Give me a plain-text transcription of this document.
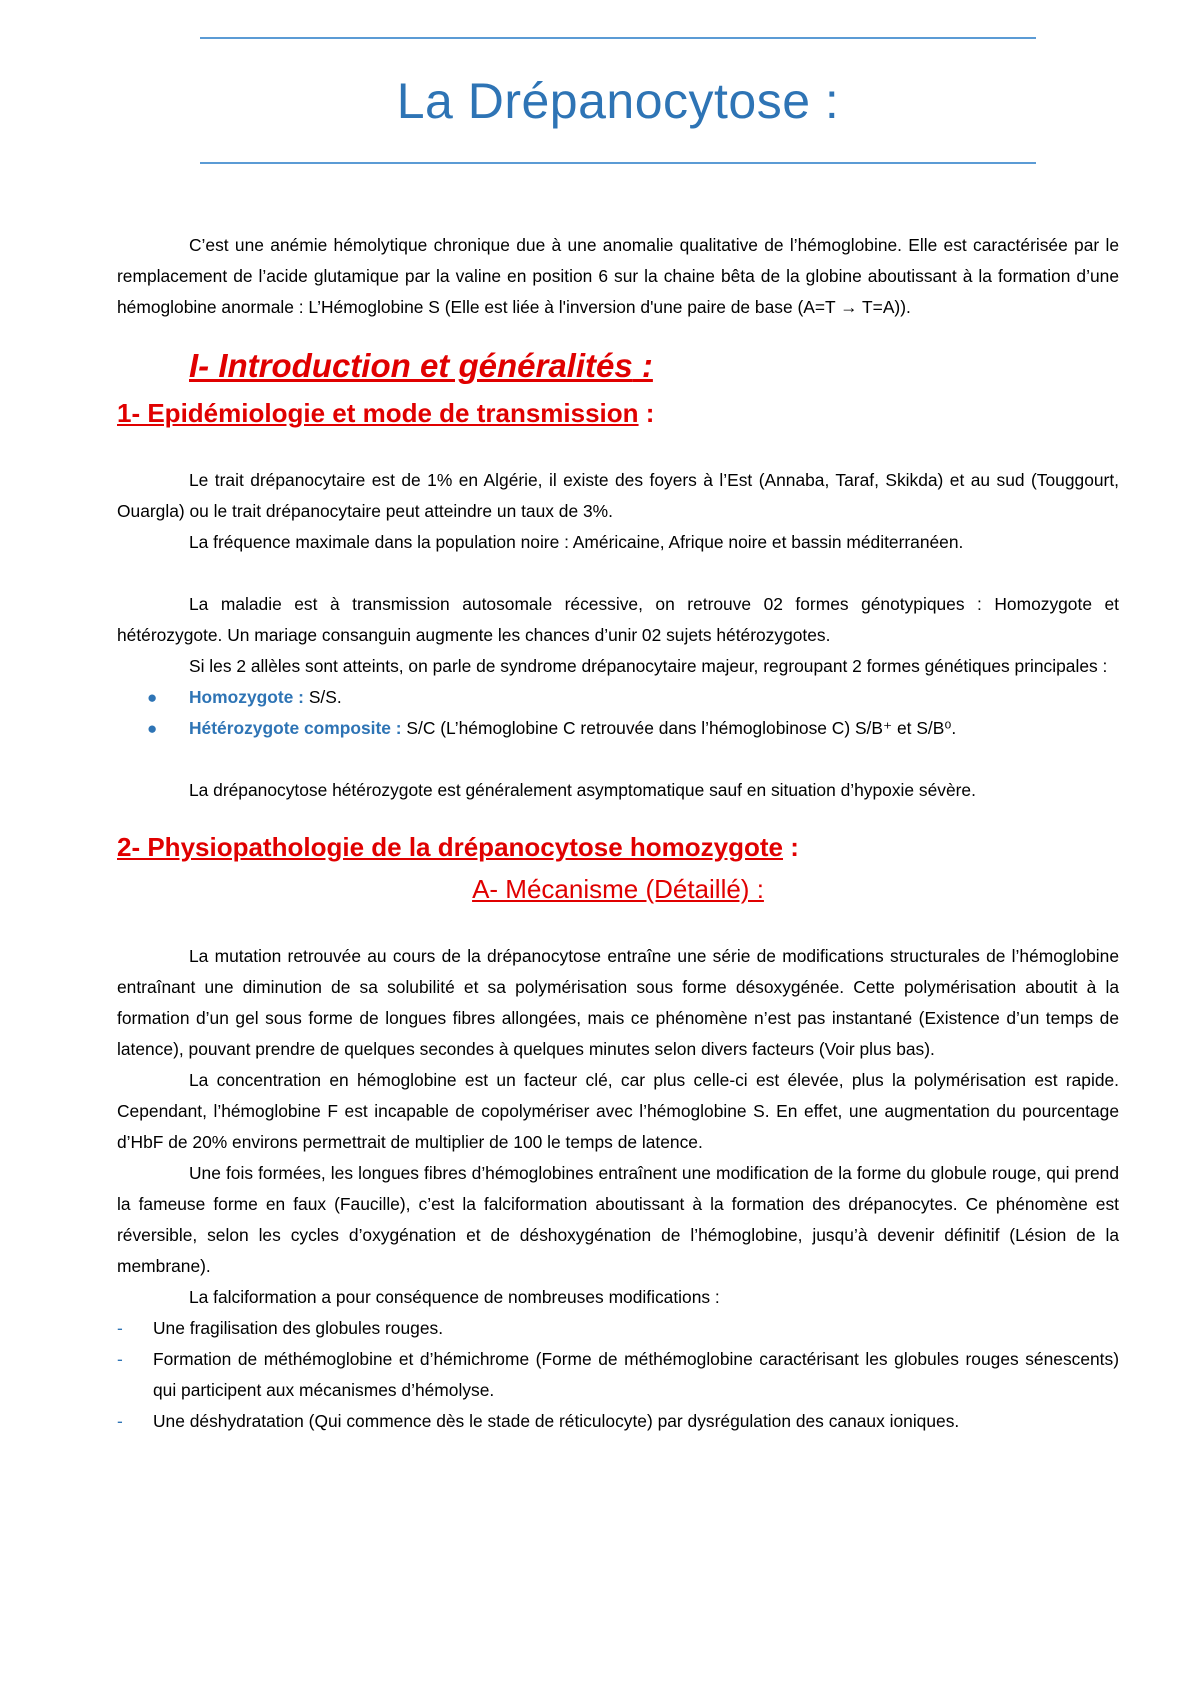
La Drépanocytose :

C’est une anémie hémolytique chronique due à une anomalie qualitative de l’hémoglobine. Elle est caractérisée par le remplacement de l’acide glutamique par la valine en position 6 sur la chaine bêta de la globine aboutissant à la formation d’une hémoglobine anormale : L’Hémoglobine S (Elle est liée à l'inversion d'une paire de base (A=T → T=A)).

I- Introduction et généralités :
1- Epidémiologie et mode de transmission :

Le trait drépanocytaire est de 1% en Algérie, il existe des foyers à l’Est (Annaba, Taraf, Skikda) et au sud (Touggourt, Ouargla) ou le trait drépanocytaire peut atteindre un taux de 3%.

La fréquence maximale dans la population noire : Américaine, Afrique noire et bassin méditerranéen.

La maladie est à transmission autosomale récessive, on retrouve 02 formes génotypiques : Homozygote et hétérozygote. Un mariage consanguin augmente les chances d’unir 02 sujets hétérozygotes.

Si les 2 allèles sont atteints, on parle de syndrome drépanocytaire majeur, regroupant 2 formes génétiques principales :

● Homozygote : S/S.
● Hétérozygote composite : S/C (L’hémoglobine C retrouvée dans l’hémoglobinose C) S/B⁺ et S/B⁰.

La drépanocytose hétérozygote est généralement asymptomatique sauf en situation d’hypoxie sévère.

2- Physiopathologie de la drépanocytose homozygote :
A- Mécanisme (Détaillé) :

La mutation retrouvée au cours de la drépanocytose entraîne une série de modifications structurales de l’hémoglobine entraînant une diminution de sa solubilité et sa polymérisation sous forme désoxygénée. Cette polymérisation aboutit à la formation d’un gel sous forme de longues fibres allongées, mais ce phénomène n’est pas instantané (Existence d’un temps de latence), pouvant prendre de quelques secondes à quelques minutes selon divers facteurs (Voir plus bas).

La concentration en hémoglobine est un facteur clé, car plus celle-ci est élevée, plus la polymérisation est rapide. Cependant, l’hémoglobine F est incapable de copolymériser avec l’hémoglobine S. En effet, une augmentation du pourcentage d’HbF de 20% environs permettrait de multiplier de 100 le temps de latence.

Une fois formées, les longues fibres d’hémoglobines entraînent une modification de la forme du globule rouge, qui prend la fameuse forme en faux (Faucille), c’est la falciformation aboutissant à la formation des drépanocytes. Ce phénomène est réversible, selon les cycles d’oxygénation et de déshoxygénation de l’hémoglobine, jusqu’à devenir définitif (Lésion de la membrane).

La falciformation a pour conséquence de nombreuses modifications :

- Une fragilisation des globules rouges.
- Formation de méthémoglobine et d’hémichrome (Forme de méthémoglobine caractérisant les globules rouges sénescents) qui participent aux mécanismes d’hémolyse.
- Une déshydratation (Qui commence dès le stade de réticulocyte) par dysrégulation des canaux ioniques.
